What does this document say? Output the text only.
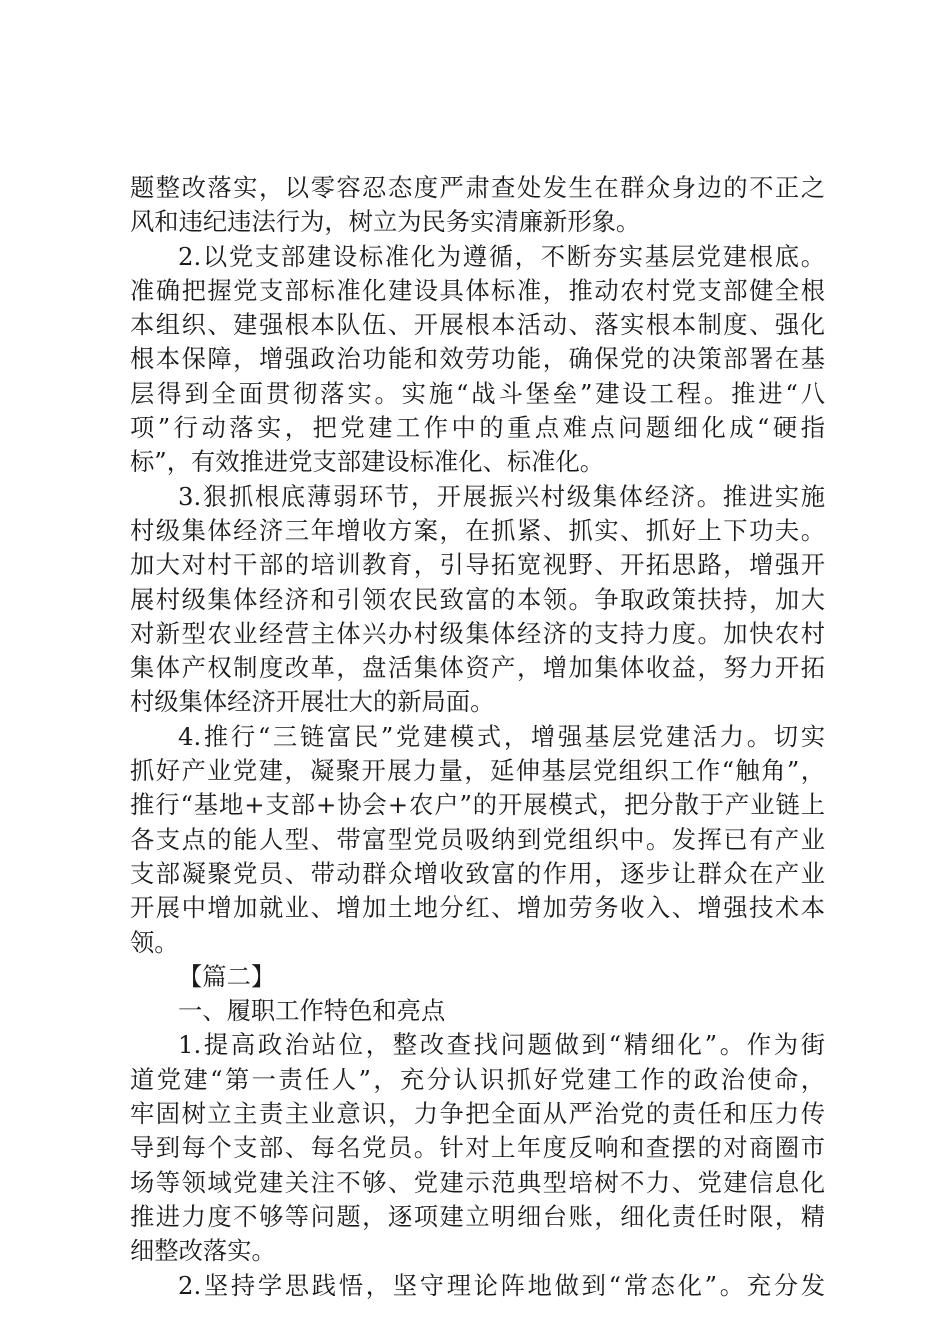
题整改落实，以零容忍态度严肃查处发生在群众身边的不正之
风和违纪违法行为，树立为民务实清廉新形象。
2.以党支部建设标准化为遵循，不断夯实基层党建根底。
准确把握党支部标准化建设具体标准，推动农村党支部健全根
本组织、建强根本队伍、开展根本活动、落实根本制度、强化
根本保障，增强政治功能和效劳功能，确保党的决策部署在基
层得到全面贯彻落实。实施“战斗堡垒”建设工程。推进“八
项”行动落实，把党建工作中的重点难点问题细化成“硬指
标”，有效推进党支部建设标准化、标准化。
3.狠抓根底薄弱环节，开展振兴村级集体经济。推进实施
村级集体经济三年增收方案，在抓紧、抓实、抓好上下功夫。
加大对村干部的培训教育，引导拓宽视野、开拓思路，增强开
展村级集体经济和引领农民致富的本领。争取政策扶持，加大
对新型农业经营主体兴办村级集体经济的支持力度。加快农村
集体产权制度改革，盘活集体资产，增加集体收益，努力开拓
村级集体经济开展壮大的新局面。
4.推行“三链富民”党建模式，增强基层党建活力。切实
抓好产业党建，凝聚开展力量，延伸基层党组织工作“触角”，
推行“基地+支部+协会+农户”的开展模式，把分散于产业链上
各支点的能人型、带富型党员吸纳到党组织中。发挥已有产业
支部凝聚党员、带动群众增收致富的作用，逐步让群众在产业
开展中增加就业、增加土地分红、增加劳务收入、增强技术本
领。
【篇二】
一、履职工作特色和亮点
1.提高政治站位，整改查找问题做到“精细化”。作为街
道党建“第一责任人”，充分认识抓好党建工作的政治使命，
牢固树立主责主业意识，力争把全面从严治党的责任和压力传
导到每个支部、每名党员。针对上年度反响和查摆的对商圈市
场等领域党建关注不够、党建示范典型培树不力、党建信息化
推进力度不够等问题，逐项建立明细台账，细化责任时限，精
细整改落实。
2.坚持学思践悟，坚守理论阵地做到“常态化”。充分发
